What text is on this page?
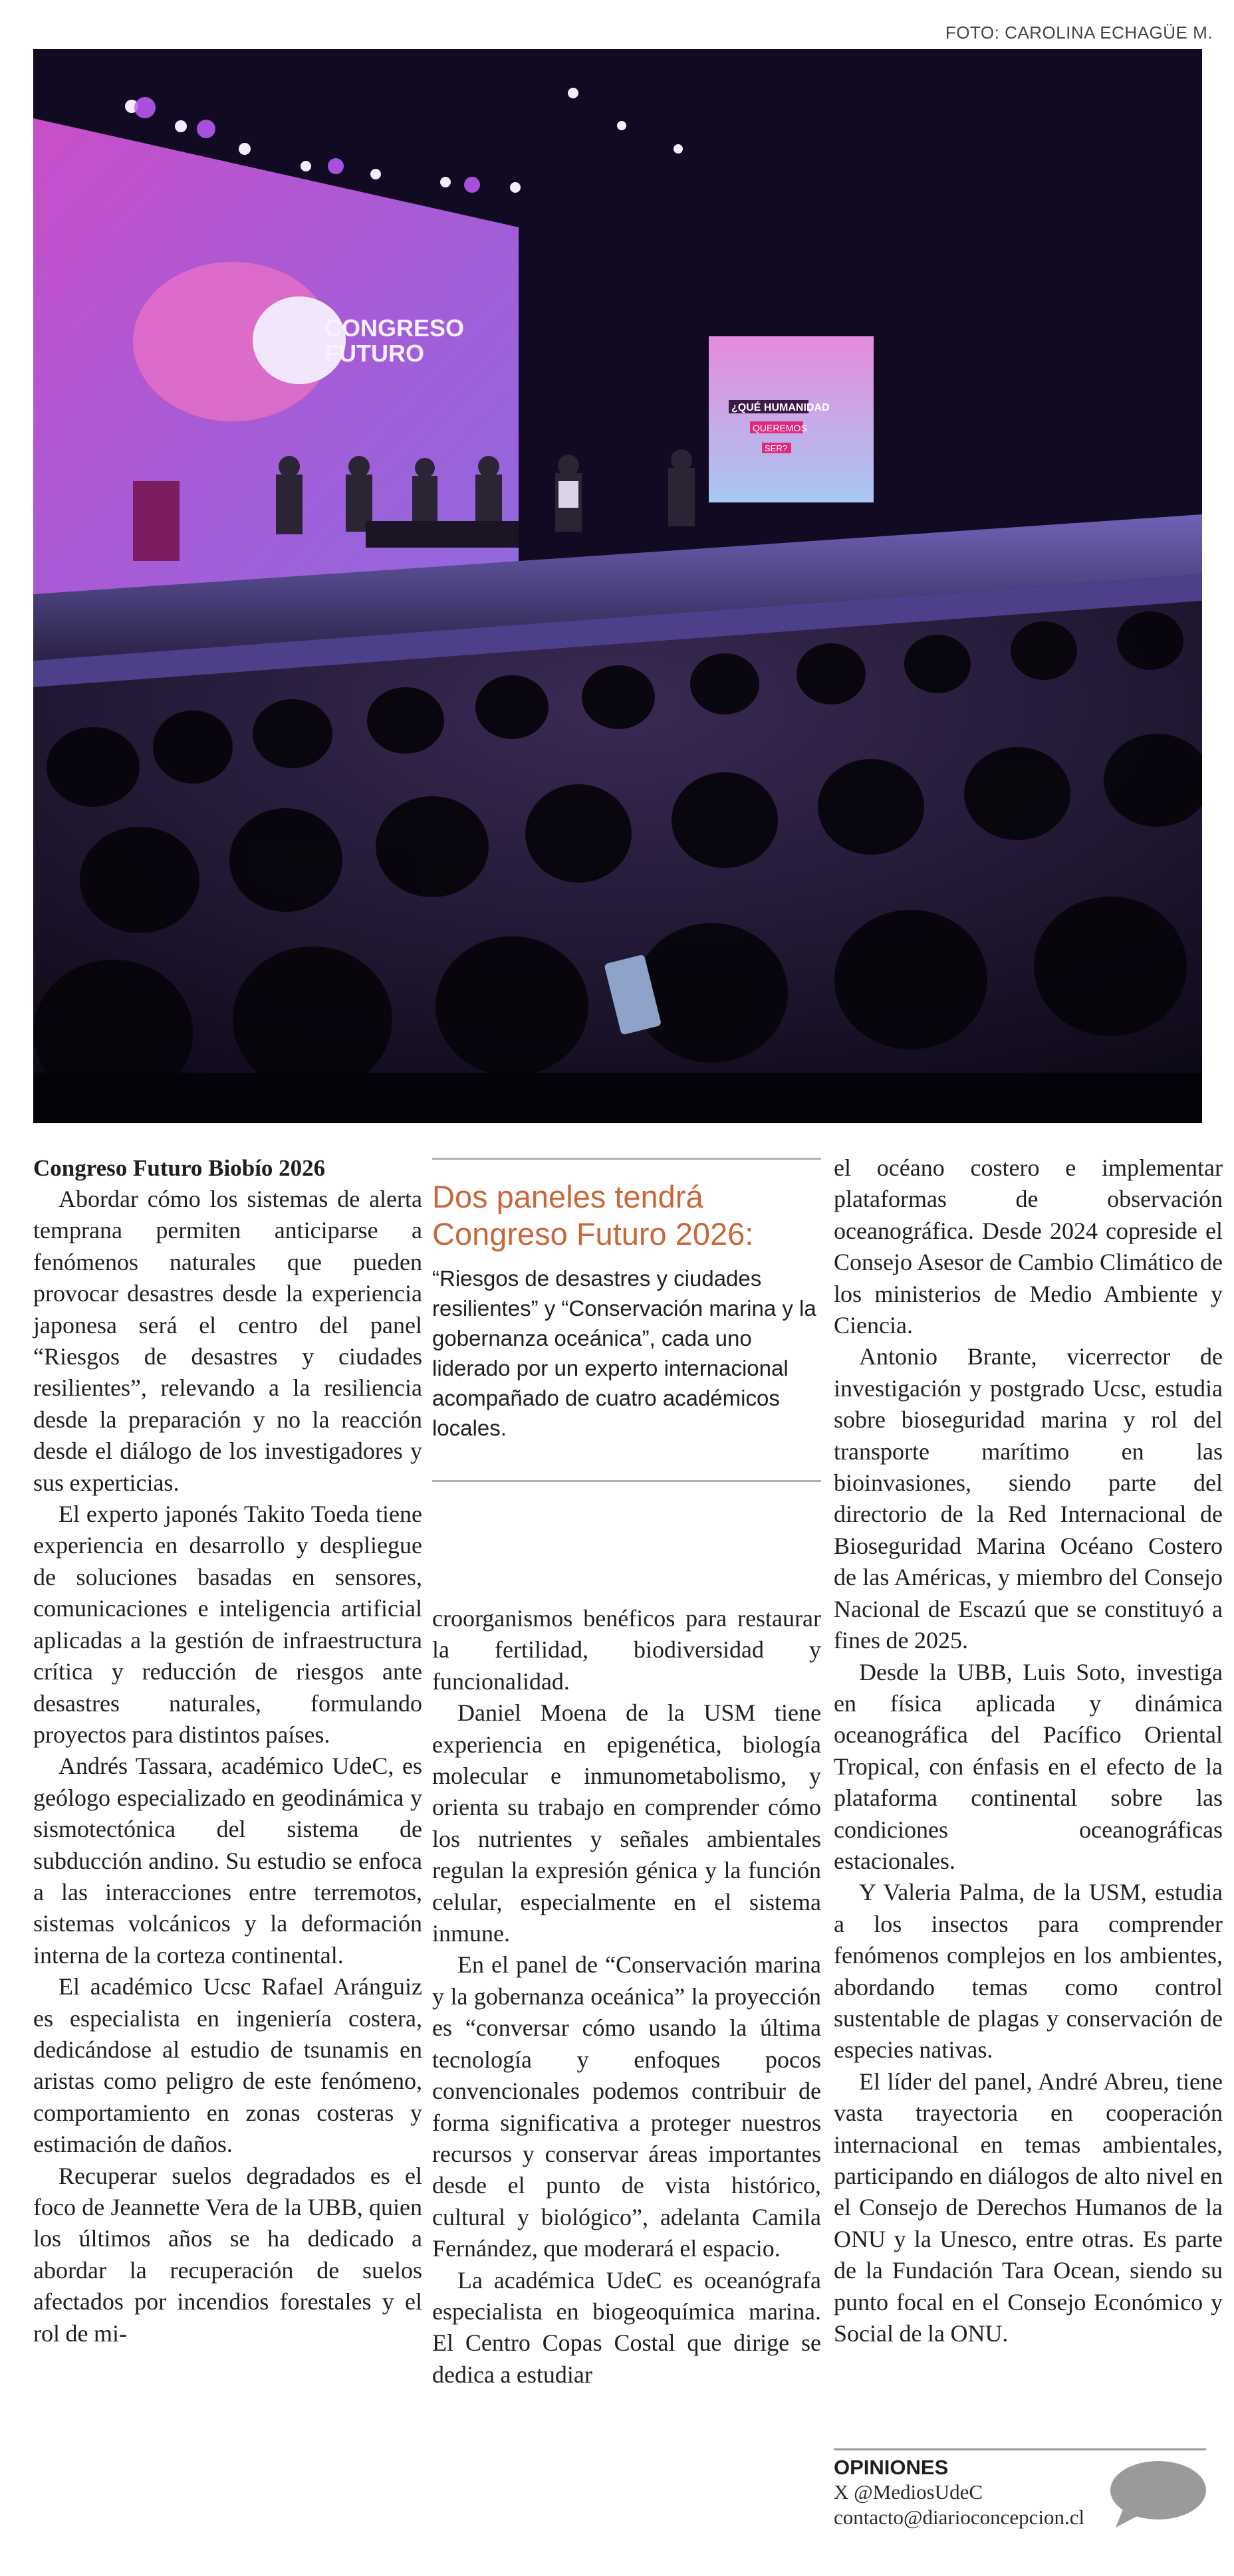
FOTO: CAROLINA ECHAGÜE M.
CONGRESO
FUTURO
¿QUÉ HUMANIDAD
QUEREMOS
SER?
Congreso Futuro Biobío 2026

Abordar cómo los sistemas de alerta temprana permiten anticiparse a fenómenos naturales que pueden provocar desastres desde la experiencia japonesa será el centro del panel “Riesgos de desastres y ciudades resilientes”, relevando a la resiliencia desde la preparación y no la reacción desde el diálogo de los investigadores y sus experticias.

El experto japonés Takito Toeda tiene experiencia en desarrollo y despliegue de soluciones basadas en sensores, comunicaciones e inteligencia artificial aplicadas a la gestión de infraestructura crítica y reducción de riesgos ante desastres naturales, formulando proyectos para distintos países.

Andrés Tassara, académico UdeC, es geólogo especializado en geodinámica y sismotectónica del sistema de subducción andino. Su estudio se enfoca a las interacciones entre terremotos, sistemas volcánicos y la deformación interna de la corteza continental.

El académico Ucsc Rafael Aránguiz es especialista en ingeniería costera, dedicándose al estudio de tsunamis en aristas como peligro de este fenómeno, comportamiento en zonas costeras y estimación de daños.

Recuperar suelos degradados es el foco de Jeannette Vera de la UBB, quien los últimos años se ha dedicado a abordar la recuperación de suelos afectados por incendios forestales y el rol de mi-

Dos paneles tendrá Congreso Futuro 2026:

“Riesgos de desastres y ciudades resilientes” y “Conservación marina y la gobernanza oceánica”, cada uno liderado por un experto internacional acompañado de cuatro académicos locales.

croorganismos benéficos para restaurar la fertilidad, biodiversidad y funcionalidad.

Daniel Moena de la USM tiene experiencia en epigenética, biología molecular e inmunometabolismo, y orienta su trabajo en comprender cómo los nutrientes y señales ambientales regulan la expresión génica y la función celular, especialmente en el sistema inmune.

En el panel de “Conservación marina y la gobernanza oceánica” la proyección es “conversar cómo usando la última tecnología y enfoques pocos convencionales podemos contribuir de forma significativa a proteger nuestros recursos y conservar áreas importantes desde el punto de vista histórico, cultural y biológico”, adelanta Camila Fernández, que moderará el espacio.

La académica UdeC es oceanógrafa especialista en biogeoquímica marina. El Centro Copas Costal que dirige se dedica a estudiar

el océano costero e implementar plataformas de observación oceanográfica. Desde 2024 copreside el Consejo Asesor de Cambio Climático de los ministerios de Medio Ambiente y Ciencia.

Antonio Brante, vicerrector de investigación y postgrado Ucsc, estudia sobre bioseguridad marina y rol del transporte marítimo en las bioinvasiones, siendo parte del directorio de la Red Internacional de Bioseguridad Marina Océano Costero de las Américas, y miembro del Consejo Nacional de Escazú que se constituyó a fines de 2025.

Desde la UBB, Luis Soto, investiga en física aplicada y dinámica oceanográfica del Pacífico Oriental Tropical, con énfasis en el efecto de la plataforma continental sobre las condiciones oceanográficas estacionales.

Y Valeria Palma, de la USM, estudia a los insectos para comprender fenómenos complejos en los ambientes, abordando temas como control sustentable de plagas y conservación de especies nativas.

El líder del panel, André Abreu, tiene vasta trayectoria en cooperación internacional en temas ambientales, participando en diálogos de alto nivel en el Consejo de Derechos Humanos de la ONU y la Unesco, entre otras. Es parte de la Fundación Tara Ocean, siendo su punto focal en el Consejo Económico y Social de la ONU.

OPINIONES
X @MediosUdeC
contacto@diarioconcepcion.cl
